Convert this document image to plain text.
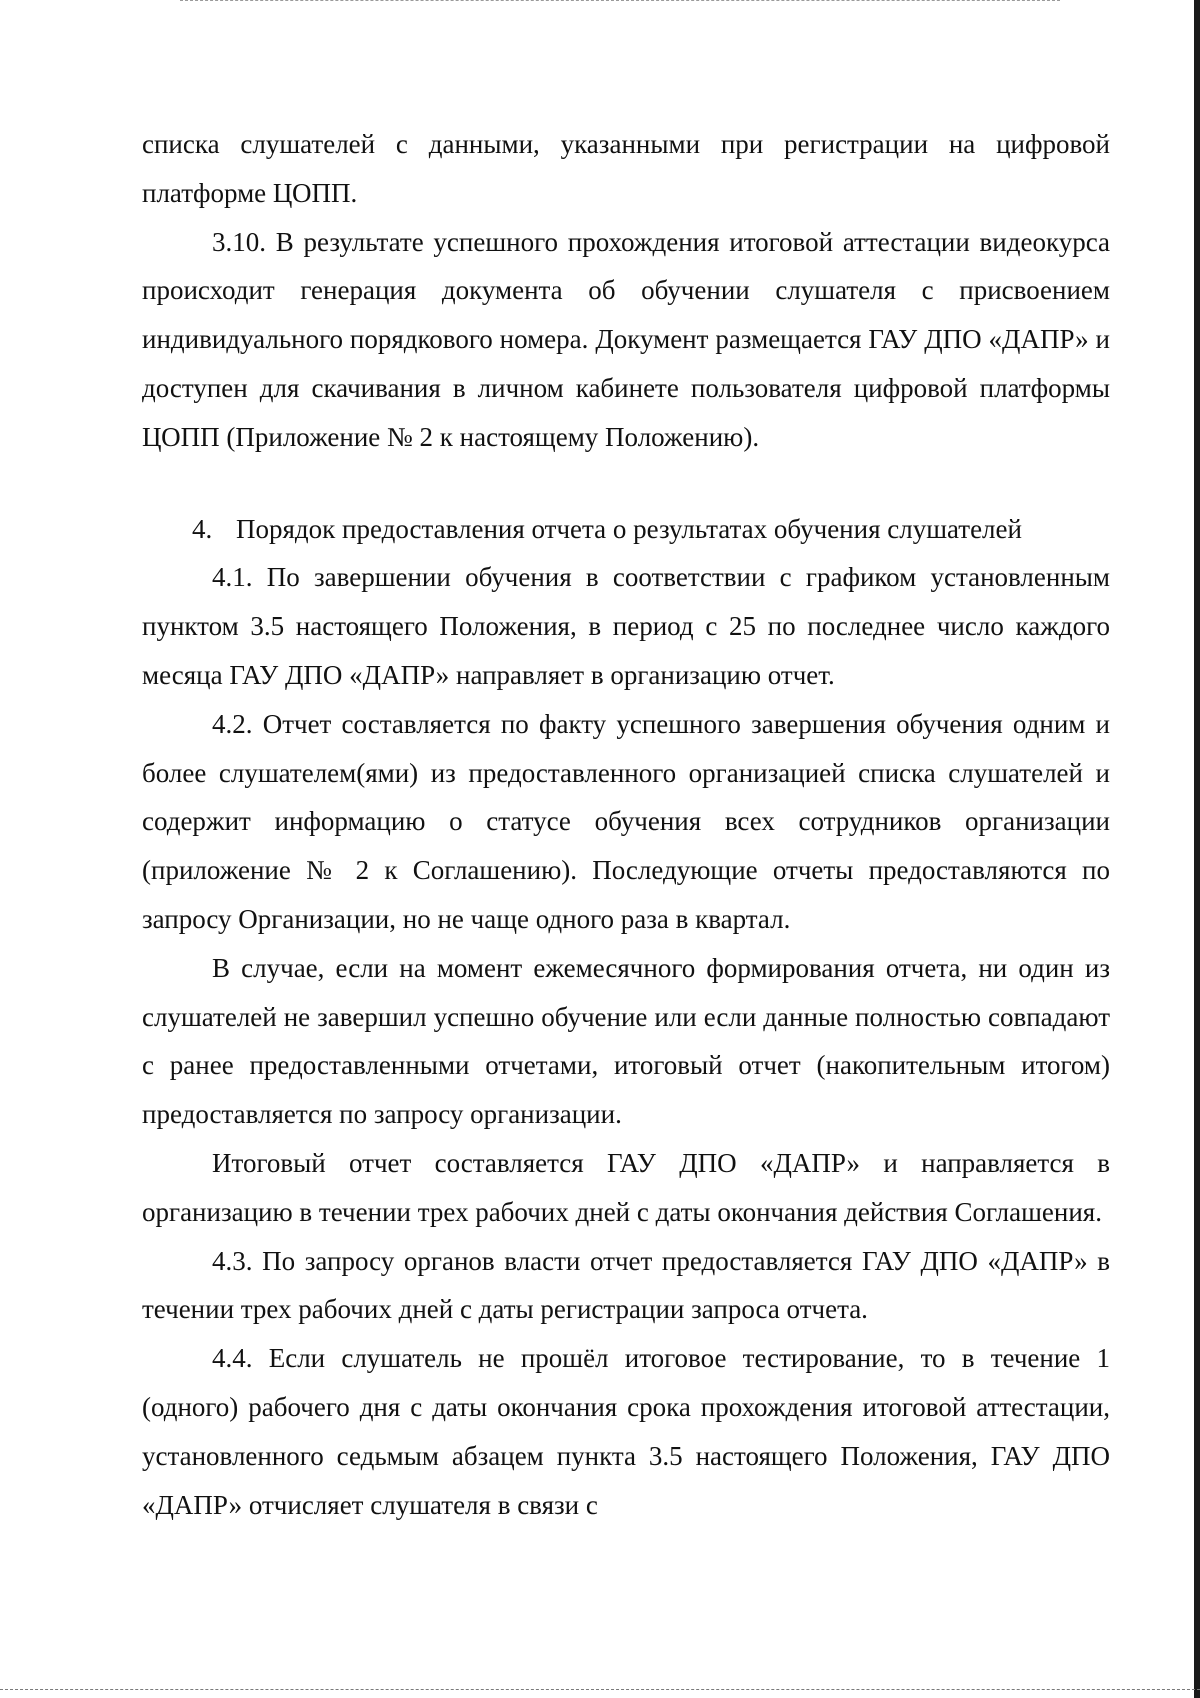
списка слушателей с данными, указанными при регистрации на цифровой платформе ЦОПП.

3.10. В результате успешного прохождения итоговой аттестации видеокурса происходит генерация документа об обучении слушателя с присвоением индивидуального порядкового номера. Документ размещается ГАУ ДПО «ДАПР» и доступен для скачивания в личном кабинете пользователя цифровой платформы ЦОПП (Приложение № 2 к настоящему Положению).

4. Порядок предоставления отчета о результатах обучения слушателей

4.1. По завершении обучения в соответствии с графиком установленным пунктом 3.5 настоящего Положения, в период с 25 по последнее число каждого месяца ГАУ ДПО «ДАПР» направляет в организацию отчет.

4.2. Отчет составляется по факту успешного завершения обучения одним и более слушателем(ями) из предоставленного организацией списка слушателей и содержит информацию о статусе обучения всех сотрудников организации (приложение № 2 к Соглашению). Последующие отчеты предоставляются по запросу Организации, но не чаще одного раза в квартал.

В случае, если на момент ежемесячного формирования отчета, ни один из слушателей не завершил успешно обучение или если данные полностью совпадают с ранее предоставленными отчетами, итоговый отчет (накопительным итогом) предоставляется по запросу организации.

Итоговый отчет составляется ГАУ ДПО «ДАПР» и направляется в организацию в течении трех рабочих дней с даты окончания действия Соглашения.

4.3. По запросу органов власти отчет предоставляется ГАУ ДПО «ДАПР» в течении трех рабочих дней с даты регистрации запроса отчета.

4.4. Если слушатель не прошёл итоговое тестирование, то в течение 1 (одного) рабочего дня с даты окончания срока прохождения итоговой аттестации, установленного седьмым абзацем пункта 3.5 настоящего Положения, ГАУ ДПО «ДАПР» отчисляет слушателя в связи с
